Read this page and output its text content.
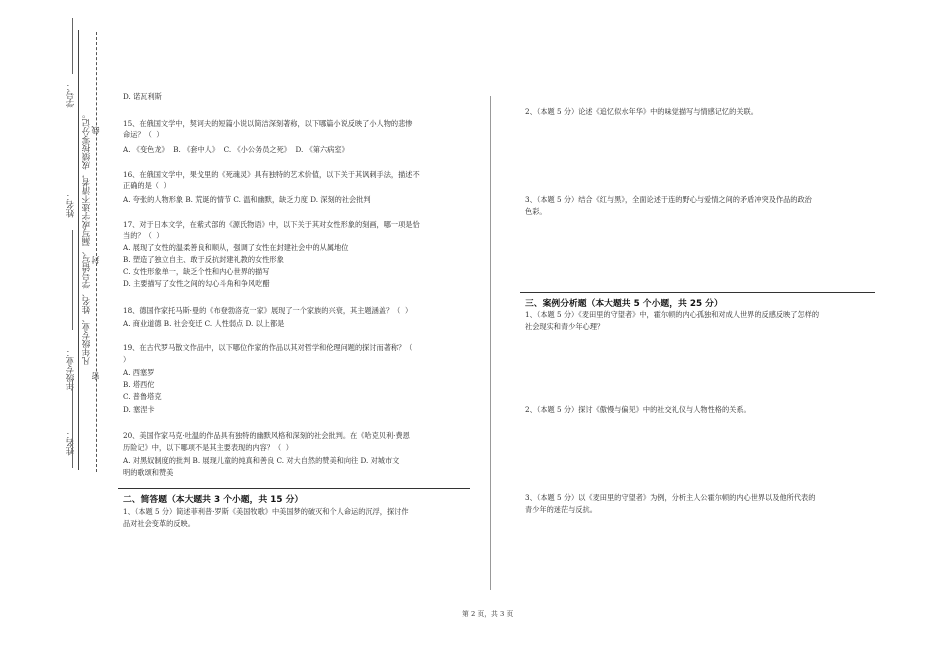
姓名：
年级专业：
姓名：
学号：
凡年级专业、姓名、学号错写、漏写或字迹不清者，成绩按零分记。
密
封
线
D. 诺瓦利斯
15、在俄国文学中，契诃夫的短篇小说以简洁深刻著称，以下哪篇小说反映了小人物的悲惨
命运？（  ）
A. 《变色龙》  B. 《套中人》  C. 《小公务员之死》  D. 《第六病室》
16、在俄国文学中，果戈里的《死魂灵》具有独特的艺术价值，以下关于其讽刺手法，描述不
正确的是（  ）
A. 夸张的人物形象 B. 荒诞的情节 C. 温和幽默，缺乏力度 D. 深刻的社会批判
17、对于日本文学，在紫式部的《源氏物语》中，以下关于其对女性形象的刻画，哪一项是恰
当的？（  ）
A. 展现了女性的温柔善良和顺从，强调了女性在封建社会中的从属地位
B. 塑造了独立自主、敢于反抗封建礼教的女性形象
C. 女性形象单一，缺乏个性和内心世界的描写
D. 主要描写了女性之间的勾心斗角和争风吃醋
18、德国作家托马斯·曼的《布登勃洛克一家》展现了一个家族的兴衰，其主题涵盖？（  ）
A. 商业道德 B. 社会变迁 C. 人性弱点 D. 以上都是
19、在古代罗马散文作品中，以下哪位作家的作品以其对哲学和伦理问题的探讨而著称？（
）
A. 西塞罗
B. 塔西佗
C. 普鲁塔克
D. 塞涅卡
20、美国作家马克·吐温的作品具有独特的幽默风格和深刻的社会批判。在《哈克贝利·费恩
历险记》中，以下哪项不是其主要表现的内容？（  ）
A. 对黑奴制度的批判 B. 展现儿童的纯真和善良 C. 对大自然的赞美和向往 D. 对城市文
明的歌颂和赞美
二、简答题（本大题共 3 个小题，共 15 分）
1、（本题 5 分）简述菲利普·罗斯《美国牧歌》中美国梦的破灭和个人命运的沉浮，探讨作
品对社会变革的反映。
2、（本题 5 分）论述《追忆似水年华》中的味觉描写与情感记忆的关联。
3、（本题 5 分）结合《红与黑》，全面论述于连的野心与爱情之间的矛盾冲突及作品的政治
色彩。
三、案例分析题（本大题共 5 个小题，共 25 分）
1、（本题 5 分）《麦田里的守望者》中，霍尔顿的内心孤独和对成人世界的反感反映了怎样的
社会现实和青少年心理？
2、（本题 5 分）探讨《傲慢与偏见》中的社交礼仪与人物性格的关系。
3、（本题 5 分）以《麦田里的守望者》为例，分析主人公霍尔顿的内心世界以及他所代表的
青少年的迷茫与反抗。
第 2 页，共 3 页
